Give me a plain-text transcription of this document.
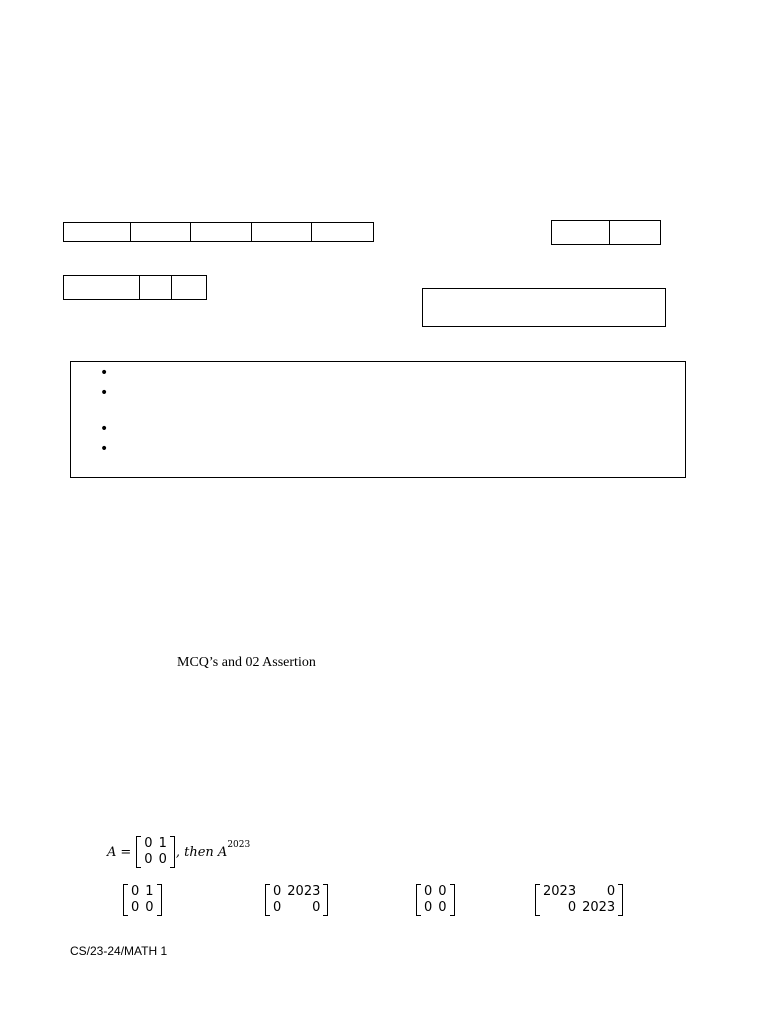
•
•
•
•
MCQ’s and 02 Assertion
A =
0	1
0	0 , then $A^{2023}$
0	1
0	0
0	2023
0	0
0	0
0	0
2023	0
0	2023
CS/23-24/MATH 1
